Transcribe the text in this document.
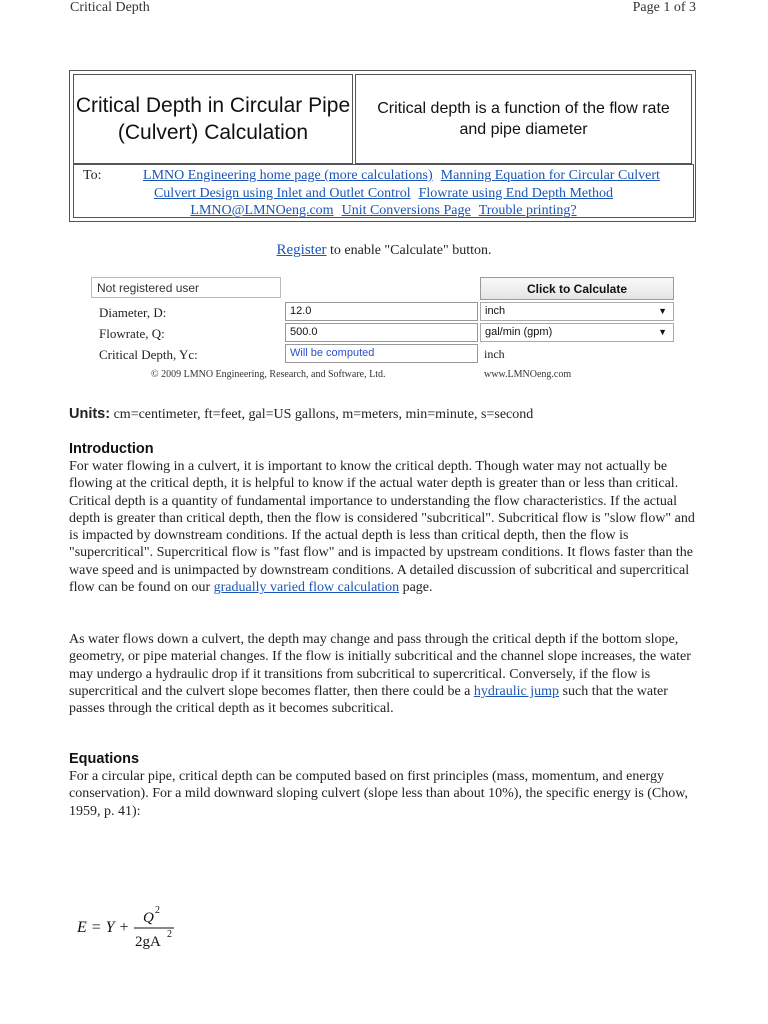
Critical Depth	Page 1 of 3
Critical Depth in Circular Pipe
(Culvert) Calculation
Critical depth is a function of the flow rate and pipe diameter
To:	LMNO Engineering home page (more calculations) Manning Equation for Circular Culvert
Culvert Design using Inlet and Outlet Control Flowrate using End Depth Method
LMNO@LMNOeng.com Unit Conversions Page Trouble printing?
Register to enable "Calculate" button.
Not registered user	Click to Calculate
Diameter, D:	12.0	inch	▼
Flowrate, Q:	500.0	gal/min (gpm)	▼
Critical Depth, Yc:	Will be computed	inch
© 2009 LMNO Engineering, Research, and Software, Ltd.	www.LMNOeng.com
Units: cm=centimeter, ft=feet, gal=US gallons, m=meters, min=minute, s=second
Introduction
For water flowing in a culvert, it is important to know the critical depth. Though water may not actually be flowing at the critical depth, it is helpful to know if the actual water depth is greater than or less than critical. Critical depth is a quantity of fundamental importance to understanding the flow characteristics. If the actual depth is greater than critical depth, then the flow is considered "subcritical". Subcritical flow is "slow flow" and is impacted by downstream conditions. If the actual depth is less than critical depth, then the flow is "supercritical". Supercritical flow is "fast flow" and is impacted by upstream conditions. It flows faster than the wave speed and is unimpacted by downstream conditions. A detailed discussion of subcritical and supercritical flow can be found on our gradually varied flow calculation page.
As water flows down a culvert, the depth may change and pass through the critical depth if the bottom slope, geometry, or pipe material changes. If the flow is initially subcritical and the channel slope increases, the water may undergo a hydraulic drop if it transitions from subcritical to supercritical. Conversely, if the flow is supercritical and the culvert slope becomes flatter, then there could be a hydraulic jump such that the water passes through the critical depth as it becomes subcritical.
Equations
For a circular pipe, critical depth can be computed based on first principles (mass, momentum, and energy conservation). For a mild downward sloping culvert (slope less than about 10%), the specific energy is (Chow, 1959, p. 41):
E = Y +
Q 2
2gA 2
